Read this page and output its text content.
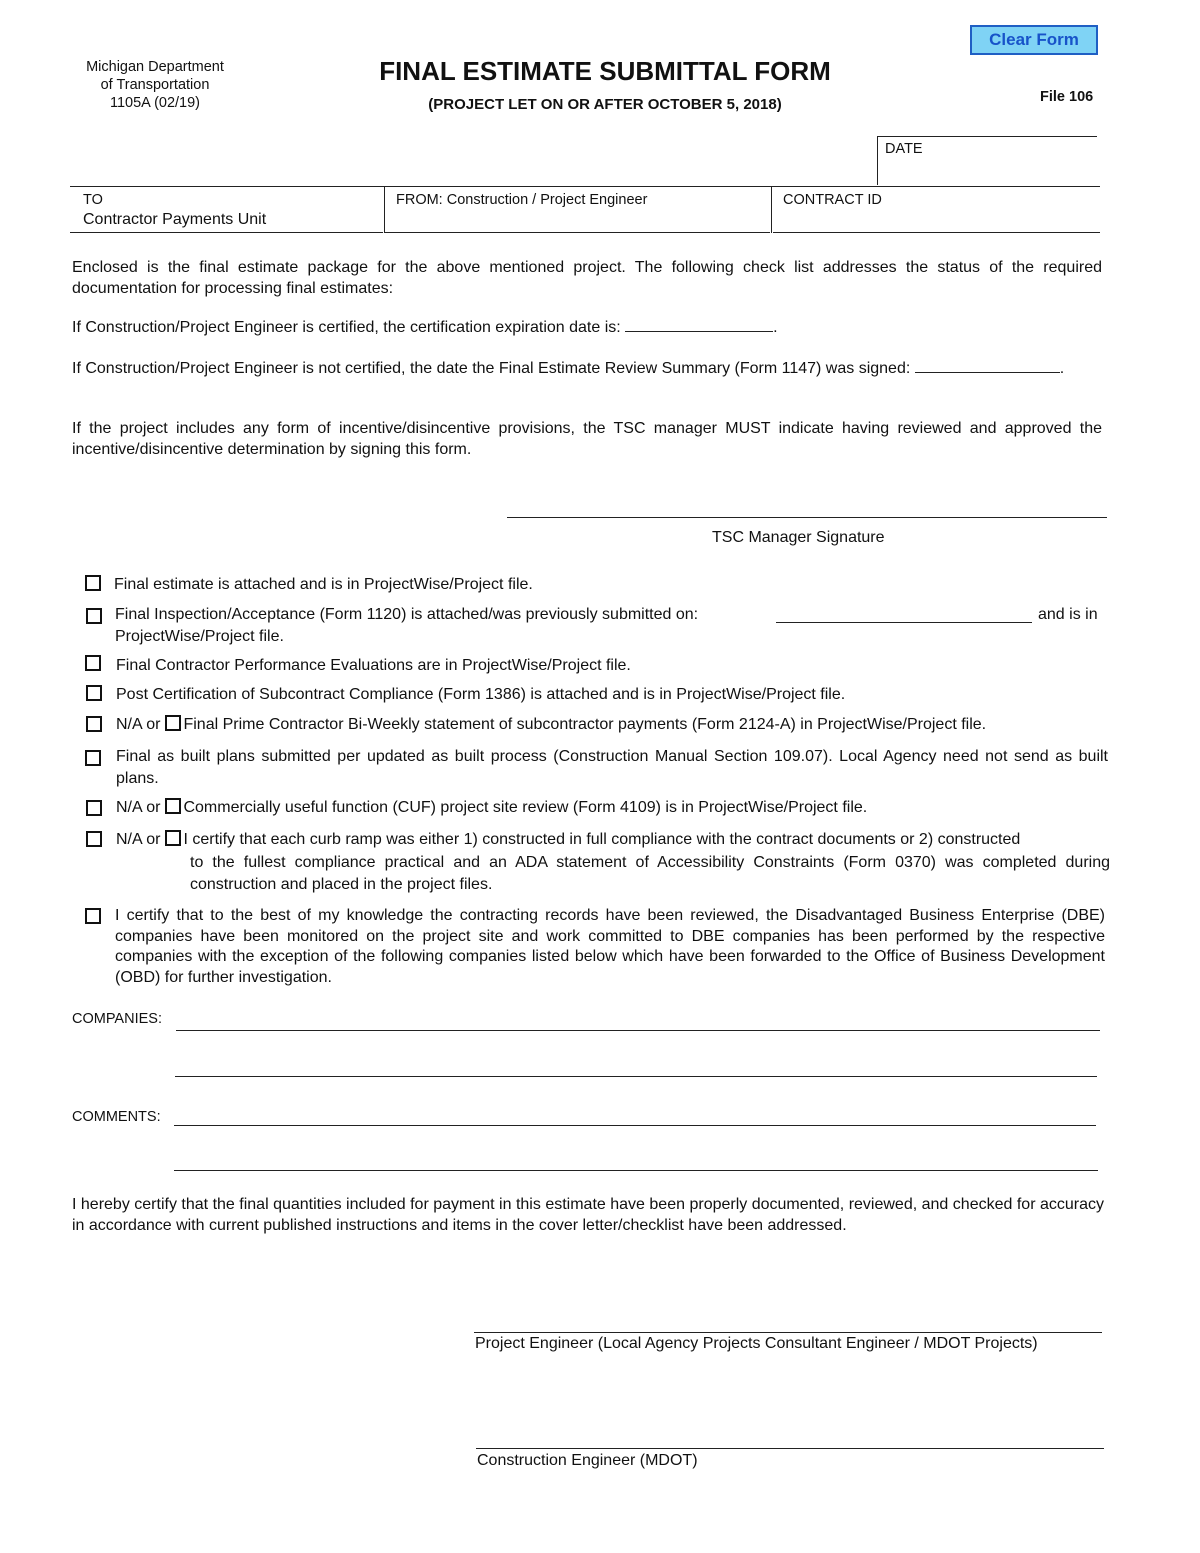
Michigan Department
of Transportation
1105A (02/19)
FINAL ESTIMATE SUBMITTAL FORM
(PROJECT LET ON OR AFTER OCTOBER 5, 2018)	File 106
Clear Form
DATE
TO
Contractor Payments Unit
FROM: Construction / Project Engineer	CONTRACT ID
Enclosed is the final estimate package for the above mentioned project. The following check list addresses the status of the required documentation for processing final estimates:
If Construction/Project Engineer is certified, the certification expiration date is:	.
If Construction/Project Engineer is not certified, the date the Final Estimate Review Summary (Form 1147) was signed:	.
If the project includes any form of incentive/disincentive provisions, the TSC manager MUST indicate having reviewed and approved the incentive/disincentive determination by signing this form.
TSC Manager Signature
Final estimate is attached and is in ProjectWise/Project file.
Final Inspection/Acceptance (Form 1120) is attached/was previously submitted on:	and is in
ProjectWise/Project file.
Final Contractor Performance Evaluations are in ProjectWise/Project file.
Post Certification of Subcontract Compliance (Form 1386) is attached and is in ProjectWise/Project file.
N/A or Final Prime Contractor Bi-Weekly statement of subcontractor payments (Form 2124-A) in ProjectWise/Project file.
Final as built plans submitted per updated as built process (Construction Manual Section 109.07). Local Agency need not send as built plans.
N/A or Commercially useful function (CUF) project site review (Form 4109) is in ProjectWise/Project file.
N/A or I certify that each curb ramp was either 1) constructed in full compliance with the contract documents or 2) constructed
to the fullest compliance practical and an ADA statement of Accessibility Constraints (Form 0370) was completed during construction and placed in the project files.
I certify that to the best of my knowledge the contracting records have been reviewed, the Disadvantaged Business Enterprise (DBE) companies have been monitored on the project site and work committed to DBE companies has been performed by the respective companies with the exception of the following companies listed below which have been forwarded to the Office of Business Development (OBD) for further investigation.
COMPANIES:
COMMENTS:
I hereby certify that the final quantities included for payment in this estimate have been properly documented, reviewed, and checked for accuracy in accordance with current published instructions and items in the cover letter/checklist have been addressed.
Project Engineer (Local Agency Projects Consultant Engineer / MDOT Projects)
Construction Engineer (MDOT)
